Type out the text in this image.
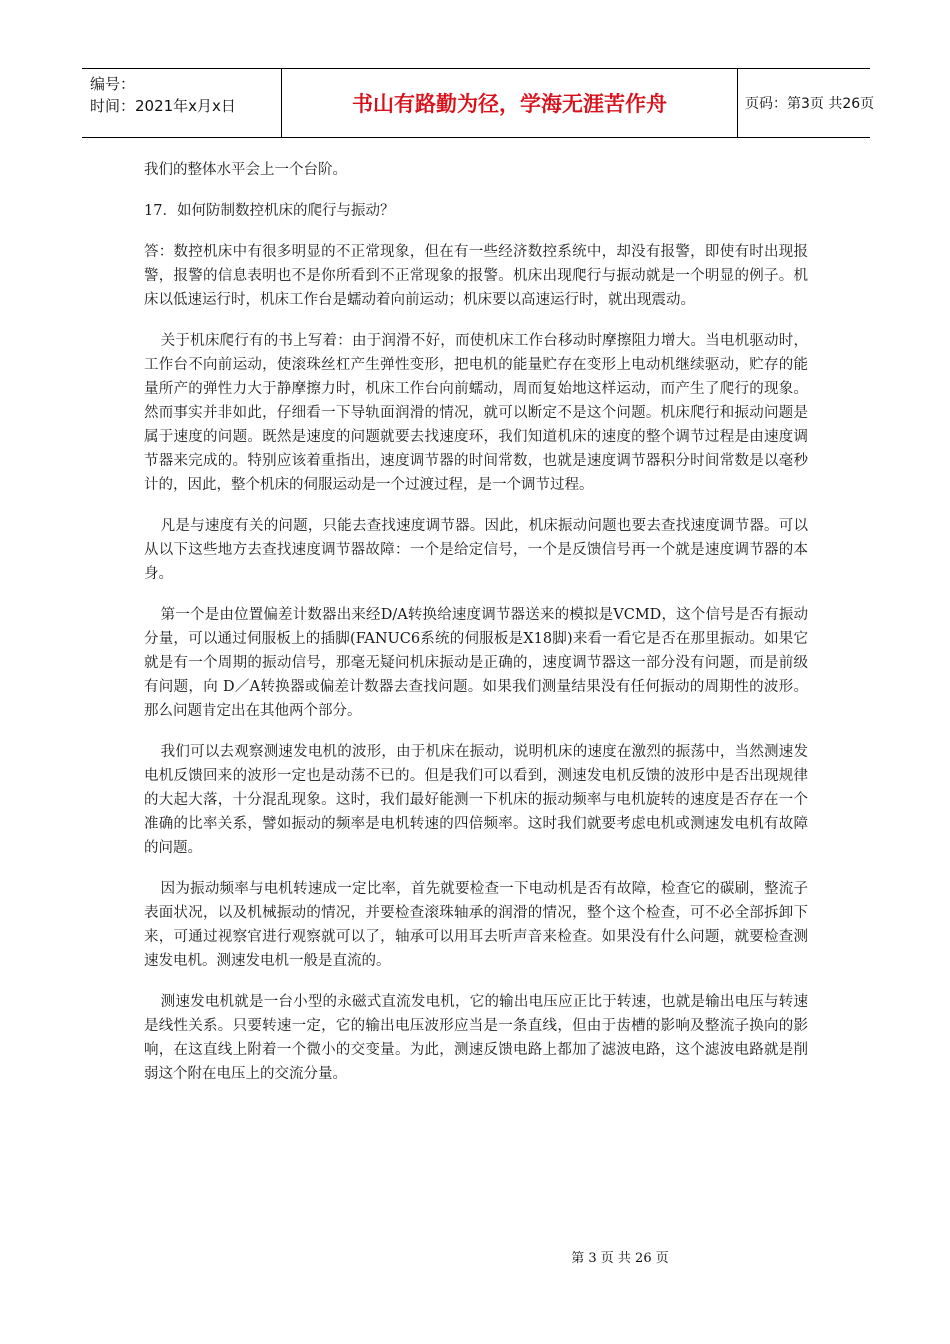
编号：
时间：2021年x月x日	书山有路勤为径，学海无涯苦作舟	页码：第3页 共26页

我们的整体水平会上一个台阶。

17．如何防制数控机床的爬行与振动？

答：数控机床中有很多明显的不正常现象，但在有一些经济数控系统中，却没有报警，即使有时出现报警，报警的信息表明也不是你所看到不正常现象的报警。机床出现爬行与振动就是一个明显的例子。机床以低速运行时，机床工作台是蠕动着向前运动；机床要以高速运行时，就出现震动。

关于机床爬行有的书上写着：由于润滑不好，而使机床工作台移动时摩擦阻力增大。当电机驱动时，工作台不向前运动，使滚珠丝杠产生弹性变形，把电机的能量贮存在变形上电动机继续驱动，贮存的能量所产的弹性力大于静摩擦力时，机床工作台向前蠕动，周而复始地这样运动，而产生了爬行的现象。然而事实并非如此，仔细看一下导轨面润滑的情况，就可以断定不是这个问题。机床爬行和振动问题是属于速度的问题。既然是速度的问题就要去找速度环，我们知道机床的速度的整个调节过程是由速度调节器来完成的。特别应该着重指出，速度调节器的时间常数，也就是速度调节器积分时间常数是以毫秒计的，因此，整个机床的伺服运动是一个过渡过程，是一个调节过程。

凡是与速度有关的问题，只能去查找速度调节器。因此，机床振动问题也要去查找速度调节器。可以从以下这些地方去查找速度调节器故障：一个是给定信号，一个是反馈信号再一个就是速度调节器的本身。

第一个是由位置偏差计数器出来经D/A转换给速度调节器送来的模拟是VCMD，这个信号是否有振动分量，可以通过伺服板上的插脚(FANUC6系统的伺服板是X18脚)来看一看它是否在那里振动。如果它就是有一个周期的振动信号，那毫无疑问机床振动是正确的，速度调节器这一部分没有问题，而是前级有问题，向 D／A转换器或偏差计数器去查找问题。如果我们测量结果没有任何振动的周期性的波形。那么问题肯定出在其他两个部分。

我们可以去观察测速发电机的波形，由于机床在振动，说明机床的速度在激烈的振荡中，当然测速发电机反馈回来的波形一定也是动荡不已的。但是我们可以看到，测速发电机反馈的波形中是否出现规律的大起大落，十分混乱现象。这时，我们最好能测一下机床的振动频率与电机旋转的速度是否存在一个准确的比率关系，譬如振动的频率是电机转速的四倍频率。这时我们就要考虑电机或测速发电机有故障的问题。

因为振动频率与电机转速成一定比率，首先就要检查一下电动机是否有故障，检查它的碳刷，整流子表面状况，以及机械振动的情况，并要检查滚珠轴承的润滑的情况，整个这个检查，可不必全部拆卸下来，可通过视察官进行观察就可以了，轴承可以用耳去听声音来检查。如果没有什么问题，就要检查测速发电机。测速发电机一般是直流的。

测速发电机就是一台小型的永磁式直流发电机，它的输出电压应正比于转速，也就是输出电压与转速是线性关系。只要转速一定，它的输出电压波形应当是一条直线，但由于齿槽的影响及整流子换向的影响，在这直线上附着一个微小的交变量。为此，测速反馈电路上都加了滤波电路，这个滤波电路就是削弱这个附在电压上的交流分量。

第 3 页 共 26 页
